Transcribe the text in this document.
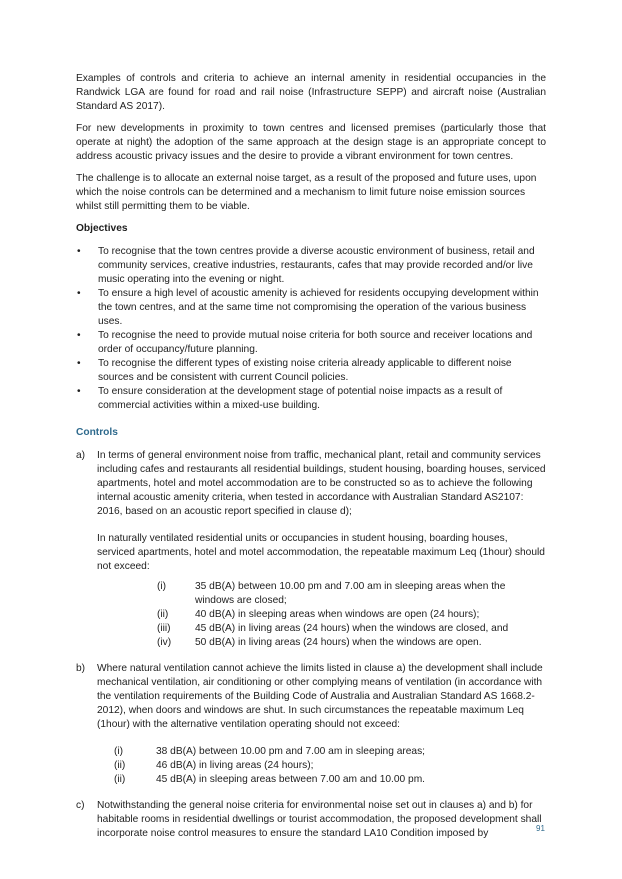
Examples of controls and criteria to achieve an internal amenity in residential occupancies in the Randwick LGA are found for road and rail noise (Infrastructure SEPP) and aircraft noise (Australian Standard AS 2017).

For new developments in proximity to town centres and licensed premises (particularly those that operate at night) the adoption of the same approach at the design stage is an appropriate concept to address acoustic privacy issues and the desire to provide a vibrant environment for town centres.

The challenge is to allocate an external noise target, as a result of the proposed and future uses, upon which the noise controls can be determined and a mechanism to limit future noise emission sources whilst still permitting them to be viable.

Objectives

• To recognise that the town centres provide a diverse acoustic environment of business, retail and community services, creative industries, restaurants, cafes that may provide recorded and/or live music operating into the evening or night.
• To ensure a high level of acoustic amenity is achieved for residents occupying development within the town centres, and at the same time not compromising the operation of the various business uses.
• To recognise the need to provide mutual noise criteria for both source and receiver locations and order of occupancy/future planning.
• To recognise the different types of existing noise criteria already applicable to different noise sources and be consistent with current Council policies.
• To ensure consideration at the development stage of potential noise impacts as a result of commercial activities within a mixed-use building.

Controls

a) In terms of general environment noise from traffic, mechanical plant, retail and community services including cafes and restaurants all residential buildings, student housing, boarding houses, serviced apartments, hotel and motel accommodation are to be constructed so as to achieve the following internal acoustic amenity criteria, when tested in accordance with Australian Standard AS2107: 2016, based on an acoustic report specified in clause d);

In naturally ventilated residential units or occupancies in student housing, boarding houses, serviced apartments, hotel and motel accommodation, the repeatable maximum Leq (1hour) should not exceed:

(i)	35 dB(A) between 10.00 pm and 7.00 am in sleeping areas when the windows are closed;
(ii)	40 dB(A) in sleeping areas when windows are open (24 hours);
(iii) 45 dB(A) in living areas (24 hours) when the windows are closed, and
(iv) 50 dB(A) in living areas (24 hours) when the windows are open.
b) Where natural ventilation cannot achieve the limits listed in clause a) the development shall include mechanical ventilation, air conditioning or other complying means of ventilation (in accordance with the ventilation requirements of the Building Code of Australia and Australian Standard AS 1668.2-2012), when doors and windows are shut. In such circumstances the repeatable maximum Leq (1hour) with the alternative ventilation operating should not exceed:

(i)	38 dB(A) between 10.00 pm and 7.00 am in sleeping areas;
(ii)	46 dB(A) in living areas (24 hours);
(ii)	45 dB(A) in sleeping areas between 7.00 am and 10.00 pm.
c) Notwithstanding the general noise criteria for environmental noise set out in clauses a) and b) for habitable rooms in residential dwellings or tourist accommodation, the proposed development shall incorporate noise control measures to ensure the standard LA10 Condition imposed by	91
